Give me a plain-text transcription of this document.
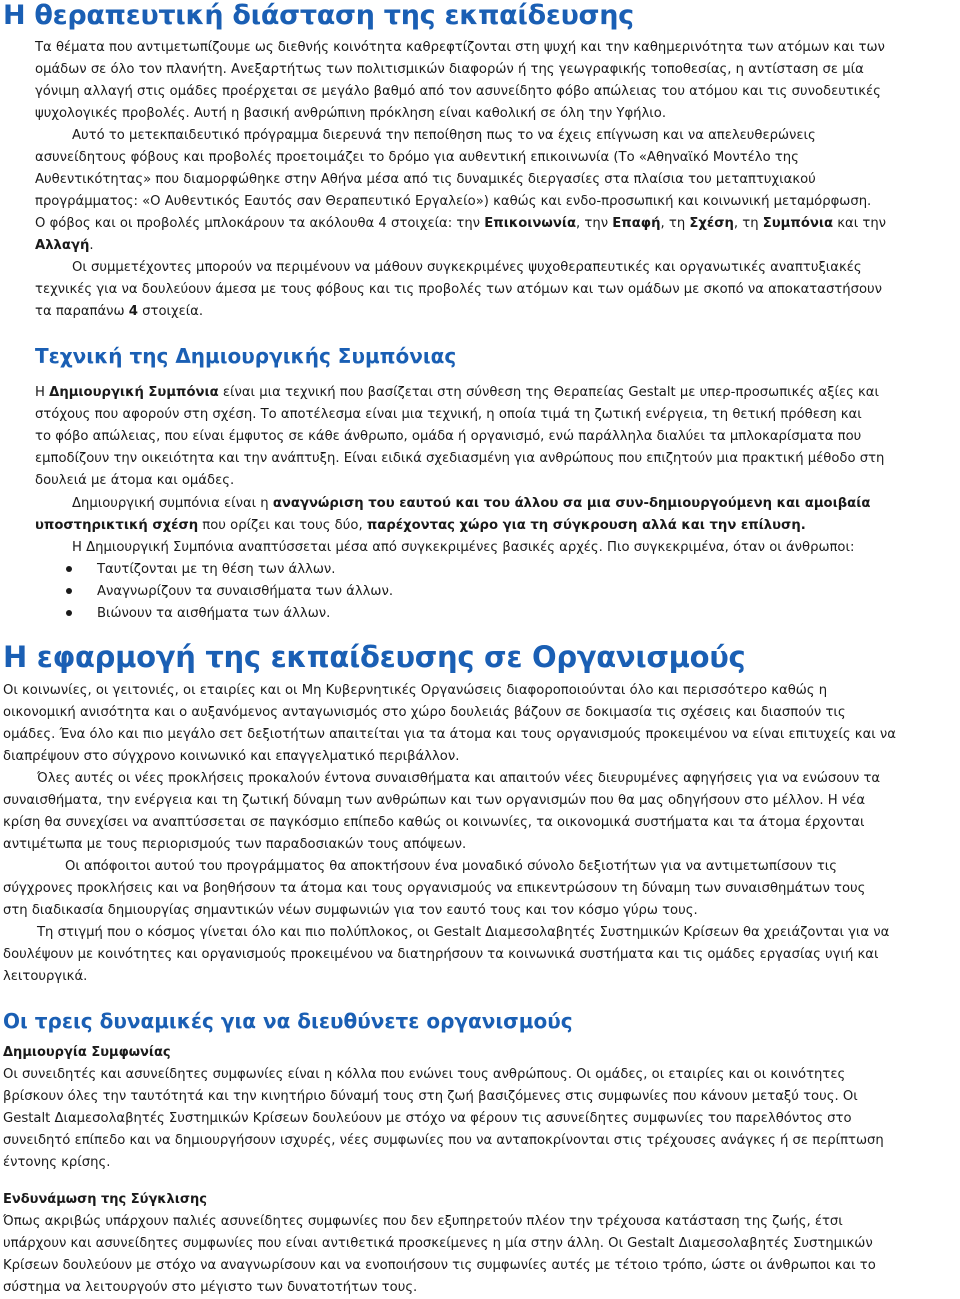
Η θεραπευτική διάσταση της εκπαίδευσης
Τα θέματα που αντιμετωπίζουμε ως διεθνής κοινότητα καθρεφτίζονται στη ψυχή και την καθημερινότητα των ατόμων και των
ομάδων σε όλο τον πλανήτη. Ανεξαρτήτως των πολιτισμικών διαφορών ή της γεωγραφικής τοποθεσίας, η αντίσταση σε μία
γόνιμη αλλαγή στις ομάδες προέρχεται σε μεγάλο βαθμό από τον ασυνείδητο φόβο απώλειας του ατόμου και τις συνοδευτικές
ψυχολογικές προβολές. Αυτή η βασική ανθρώπινη πρόκληση είναι καθολική σε όλη την Υφήλιο.
Αυτό το μετεκπαιδευτικό πρόγραμμα διερευνά την πεποίθηση πως το να έχεις επίγνωση και να απελευθερώνεις
ασυνείδητους φόβους και προβολές προετοιμάζει το δρόμο για αυθεντική επικοινωνία (Το «Αθηναϊκό Μοντέλο της
Αυθεντικότητας» που διαμορφώθηκε στην Αθήνα μέσα από τις δυναμικές διεργασίες στα πλαίσια του μεταπτυχιακού
προγράμματος: «Ο Αυθεντικός Εαυτός σαν Θεραπευτικό Εργαλείο») καθώς και ενδο-προσωπική και κοινωνική μεταμόρφωση.
Ο φόβος και οι προβολές μπλοκάρουν τα ακόλουθα 4 στοιχεία: την Επικοινωνία, την Επαφή, τη Σχέση, τη Συμπόνια και την
Αλλαγή.
Οι συμμετέχοντες μπορούν να περιμένουν να μάθουν συγκεκριμένες ψυχοθεραπευτικές και οργανωτικές αναπτυξιακές
τεχνικές για να δουλεύουν άμεσα με τους φόβους και τις προβολές των ατόμων και των ομάδων με σκοπό να αποκαταστήσουν
τα παραπάνω 4 στοιχεία.
Τεχνική της Δημιουργικής Συμπόνιας
Η Δημιουργική Συμπόνια είναι μια τεχνική που βασίζεται στη σύνθεση της Θεραπείας Gestalt με υπερ-προσωπικές αξίες και
στόχους που αφορούν στη σχέση. Το αποτέλεσμα είναι μια τεχνική, η οποία τιμά τη ζωτική ενέργεια, τη θετική πρόθεση και
το φόβο απώλειας, που είναι έμφυτος σε κάθε άνθρωπο, ομάδα ή οργανισμό, ενώ παράλληλα διαλύει τα μπλοκαρίσματα που
εμποδίζουν την οικειότητα και την ανάπτυξη. Είναι ειδικά σχεδιασμένη για ανθρώπους που επιζητούν μια πρακτική μέθοδο στη
δουλειά με άτομα και ομάδες.
Δημιουργική συμπόνια είναι η αναγνώριση του εαυτού και του άλλου σα μια συν-δημιουργούμενη και αμοιβαία
υποστηρικτική σχέση που ορίζει και τους δύο, παρέχοντας χώρο για τη σύγκρουση αλλά και την επίλυση.
Η Δημιουργική Συμπόνια αναπτύσσεται μέσα από συγκεκριμένες βασικές αρχές. Πιο συγκεκριμένα, όταν οι άνθρωποι:
Ταυτίζονται με τη θέση των άλλων.
Αναγνωρίζουν τα συναισθήματα των άλλων.
Βιώνουν τα αισθήματα των άλλων.
Η εφαρμογή της εκπαίδευσης σε Οργανισμούς
Οι κοινωνίες, οι γειτονιές, οι εταιρίες και οι Μη Κυβερνητικές Οργανώσεις διαφοροποιούνται όλο και περισσότερο καθώς η
οικονομική ανισότητα και ο αυξανόμενος ανταγωνισμός στο χώρο δουλειάς βάζουν σε δοκιμασία τις σχέσεις και διασπούν τις
ομάδες. Ένα όλο και πιο μεγάλο σετ δεξιοτήτων απαιτείται για τα άτομα και τους οργανισμούς προκειμένου να είναι επιτυχείς και να
διαπρέψουν στο σύγχρονο κοινωνικό και επαγγελματικό περιβάλλον.
Όλες αυτές οι νέες προκλήσεις προκαλούν έντονα συναισθήματα και απαιτούν νέες διευρυμένες αφηγήσεις για να ενώσουν τα
συναισθήματα, την ενέργεια και τη ζωτική δύναμη των ανθρώπων και των οργανισμών που θα μας οδηγήσουν στο μέλλον. Η νέα
κρίση θα συνεχίσει να αναπτύσσεται σε παγκόσμιο επίπεδο καθώς οι κοινωνίες, τα οικονομικά συστήματα και τα άτομα έρχονται
αντιμέτωπα με τους περιορισμούς των παραδοσιακών τους απόψεων.
Οι απόφοιτοι αυτού του προγράμματος θα αποκτήσουν ένα μοναδικό σύνολο δεξιοτήτων για να αντιμετωπίσουν τις
σύγχρονες προκλήσεις και να βοηθήσουν τα άτομα και τους οργανισμούς να επικεντρώσουν τη δύναμη των συναισθημάτων τους
στη διαδικασία δημιουργίας σημαντικών νέων συμφωνιών για τον εαυτό τους και τον κόσμο γύρω τους.
Τη στιγμή που ο κόσμος γίνεται όλο και πιο πολύπλοκος, οι Gestalt Διαμεσολαβητές Συστημικών Κρίσεων θα χρειάζονται για να
δουλέψουν με κοινότητες και οργανισμούς προκειμένου να διατηρήσουν τα κοινωνικά συστήματα και τις ομάδες εργασίας υγιή και
λειτουργικά.
Οι τρεις δυναμικές για να διευθύνετε οργανισμούς
Δημιουργία Συμφωνίας
Οι συνειδητές και ασυνείδητες συμφωνίες είναι η κόλλα που ενώνει τους ανθρώπους. Οι ομάδες, οι εταιρίες και οι κοινότητες
βρίσκουν όλες την ταυτότητά και την κινητήριο δύναμή τους στη ζωή βασιζόμενες στις συμφωνίες που κάνουν μεταξύ τους. Οι
Gestalt Διαμεσολαβητές Συστημικών Κρίσεων δουλεύουν με στόχο να φέρουν τις ασυνείδητες συμφωνίες του παρελθόντος στο
συνειδητό επίπεδο και να δημιουργήσουν ισχυρές, νέες συμφωνίες που να ανταποκρίνονται στις τρέχουσες ανάγκες ή σε περίπτωση
έντονης κρίσης.
Ενδυνάμωση της Σύγκλισης
Όπως ακριβώς υπάρχουν παλιές ασυνείδητες συμφωνίες που δεν εξυπηρετούν πλέον την τρέχουσα κατάσταση της ζωής, έτσι
υπάρχουν και ασυνείδητες συμφωνίες που είναι αντιθετικά προσκείμενες η μία στην άλλη. Οι Gestalt Διαμεσολαβητές Συστημικών
Κρίσεων δουλεύουν με στόχο να αναγνωρίσουν και να ενοποιήσουν τις συμφωνίες αυτές με τέτοιο τρόπο, ώστε οι άνθρωποι και το
σύστημα να λειτουργούν στο μέγιστο των δυνατοτήτων τους.
